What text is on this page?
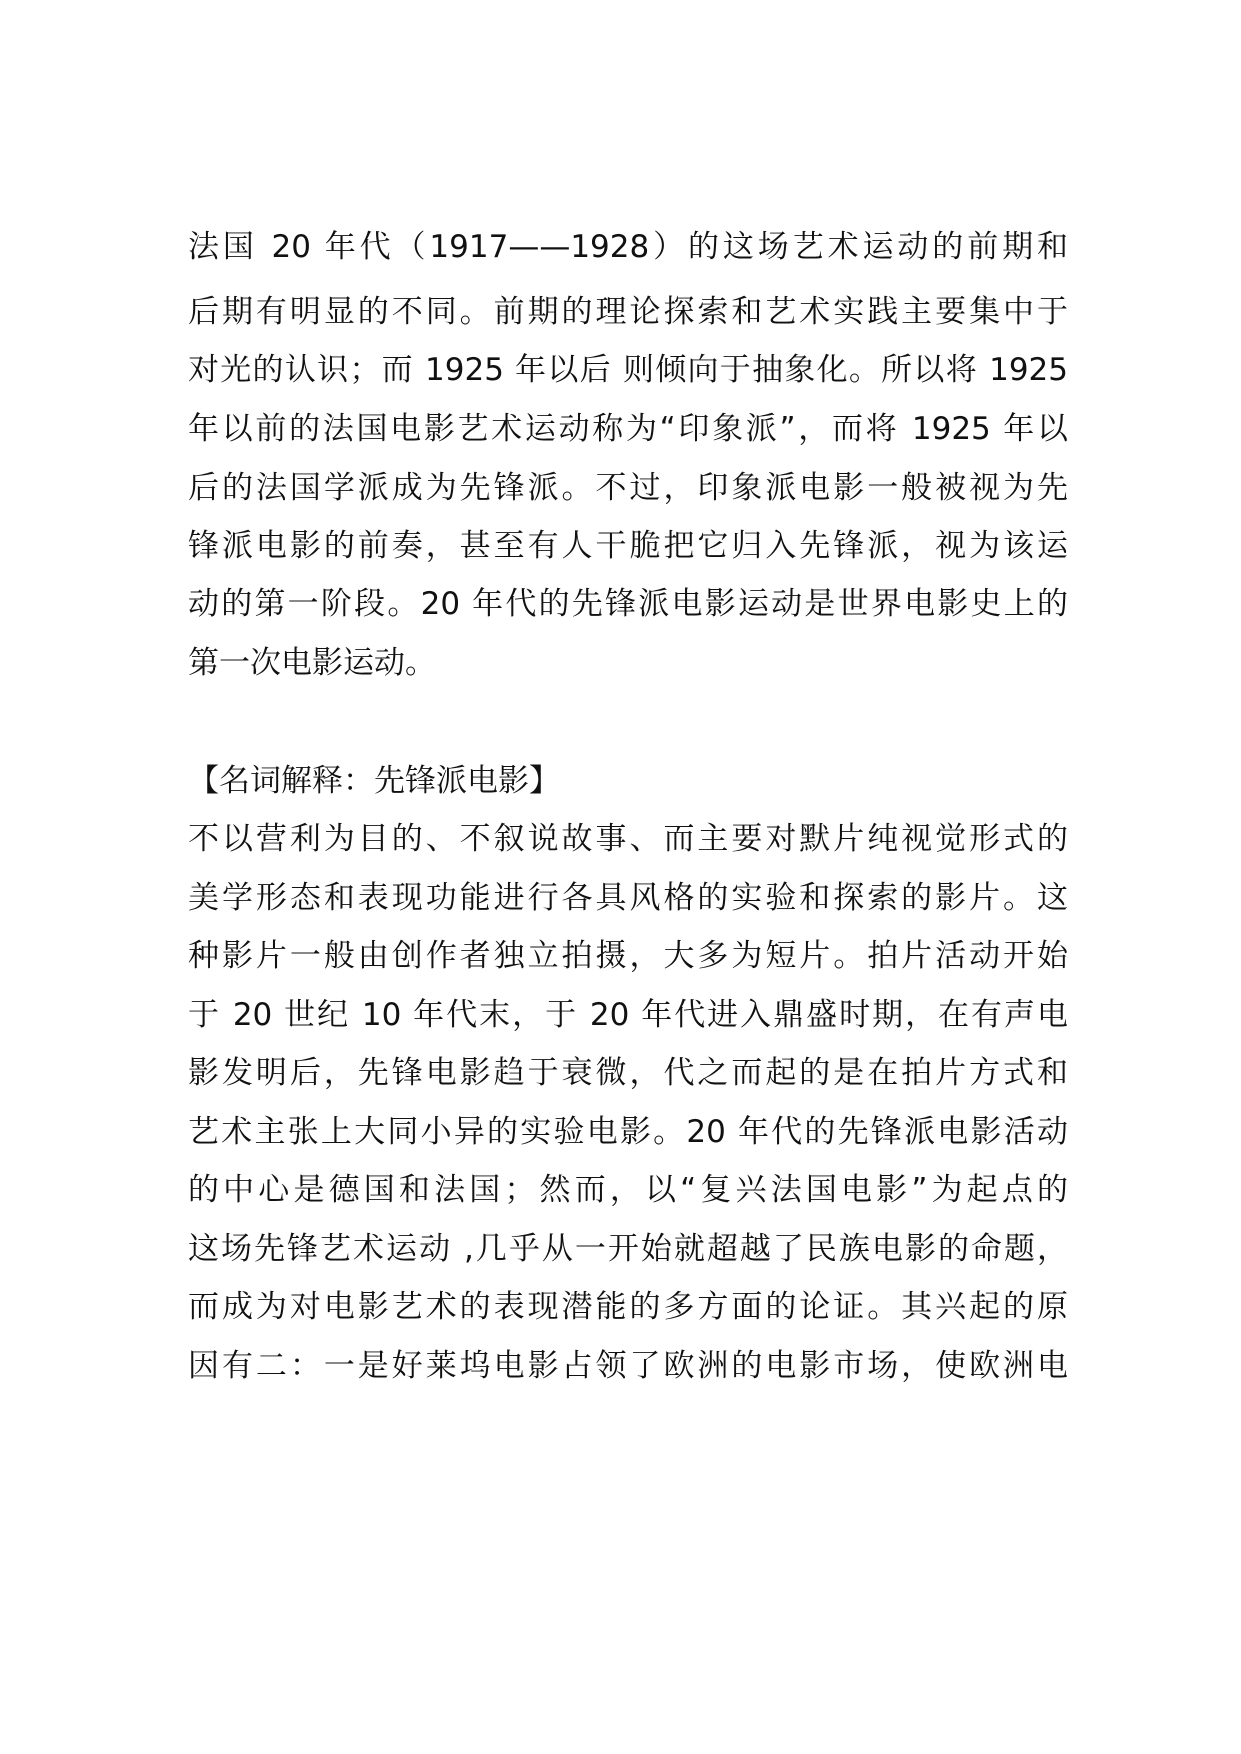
法国 20 年代（1917——1928）的这场艺术运动的前期和
后期有明显的不同。前期的理论探索和艺术实践主要集中于
对光的认识；而 1925 年以后 则倾向于抽象化。所以将 1925
年以前的法国电影艺术运动称为“印象派”，而将 1925 年以
后的法国学派成为先锋派。不过，印象派电影一般被视为先
锋派电影的前奏，甚至有人干脆把它归入先锋派，视为该运
动的第一阶段。20 年代的先锋派电影运动是世界电影史上的
第一次电影运动。
【名词解释：先锋派电影】
不以营利为目的、不叙说故事、而主要对默片纯视觉形式的
美学形态和表现功能进行各具风格的实验和探索的影片。这
种影片一般由创作者独立拍摄，大多为短片。拍片活动开始
于 20 世纪 10 年代末，于 20 年代进入鼎盛时期，在有声电
影发明后，先锋电影趋于衰微，代之而起的是在拍片方式和
艺术主张上大同小异的实验电影。20 年代的先锋派电影活动
的中心是德国和法国；然而，以“复兴法国电影”为起点的
这场先锋艺术运动 ,几乎从一开始就超越了民族电影的命题，
而成为对电影艺术的表现潜能的多方面的论证。其兴起的原
因有二：一是好莱坞电影占领了欧洲的电影市场，使欧洲电
